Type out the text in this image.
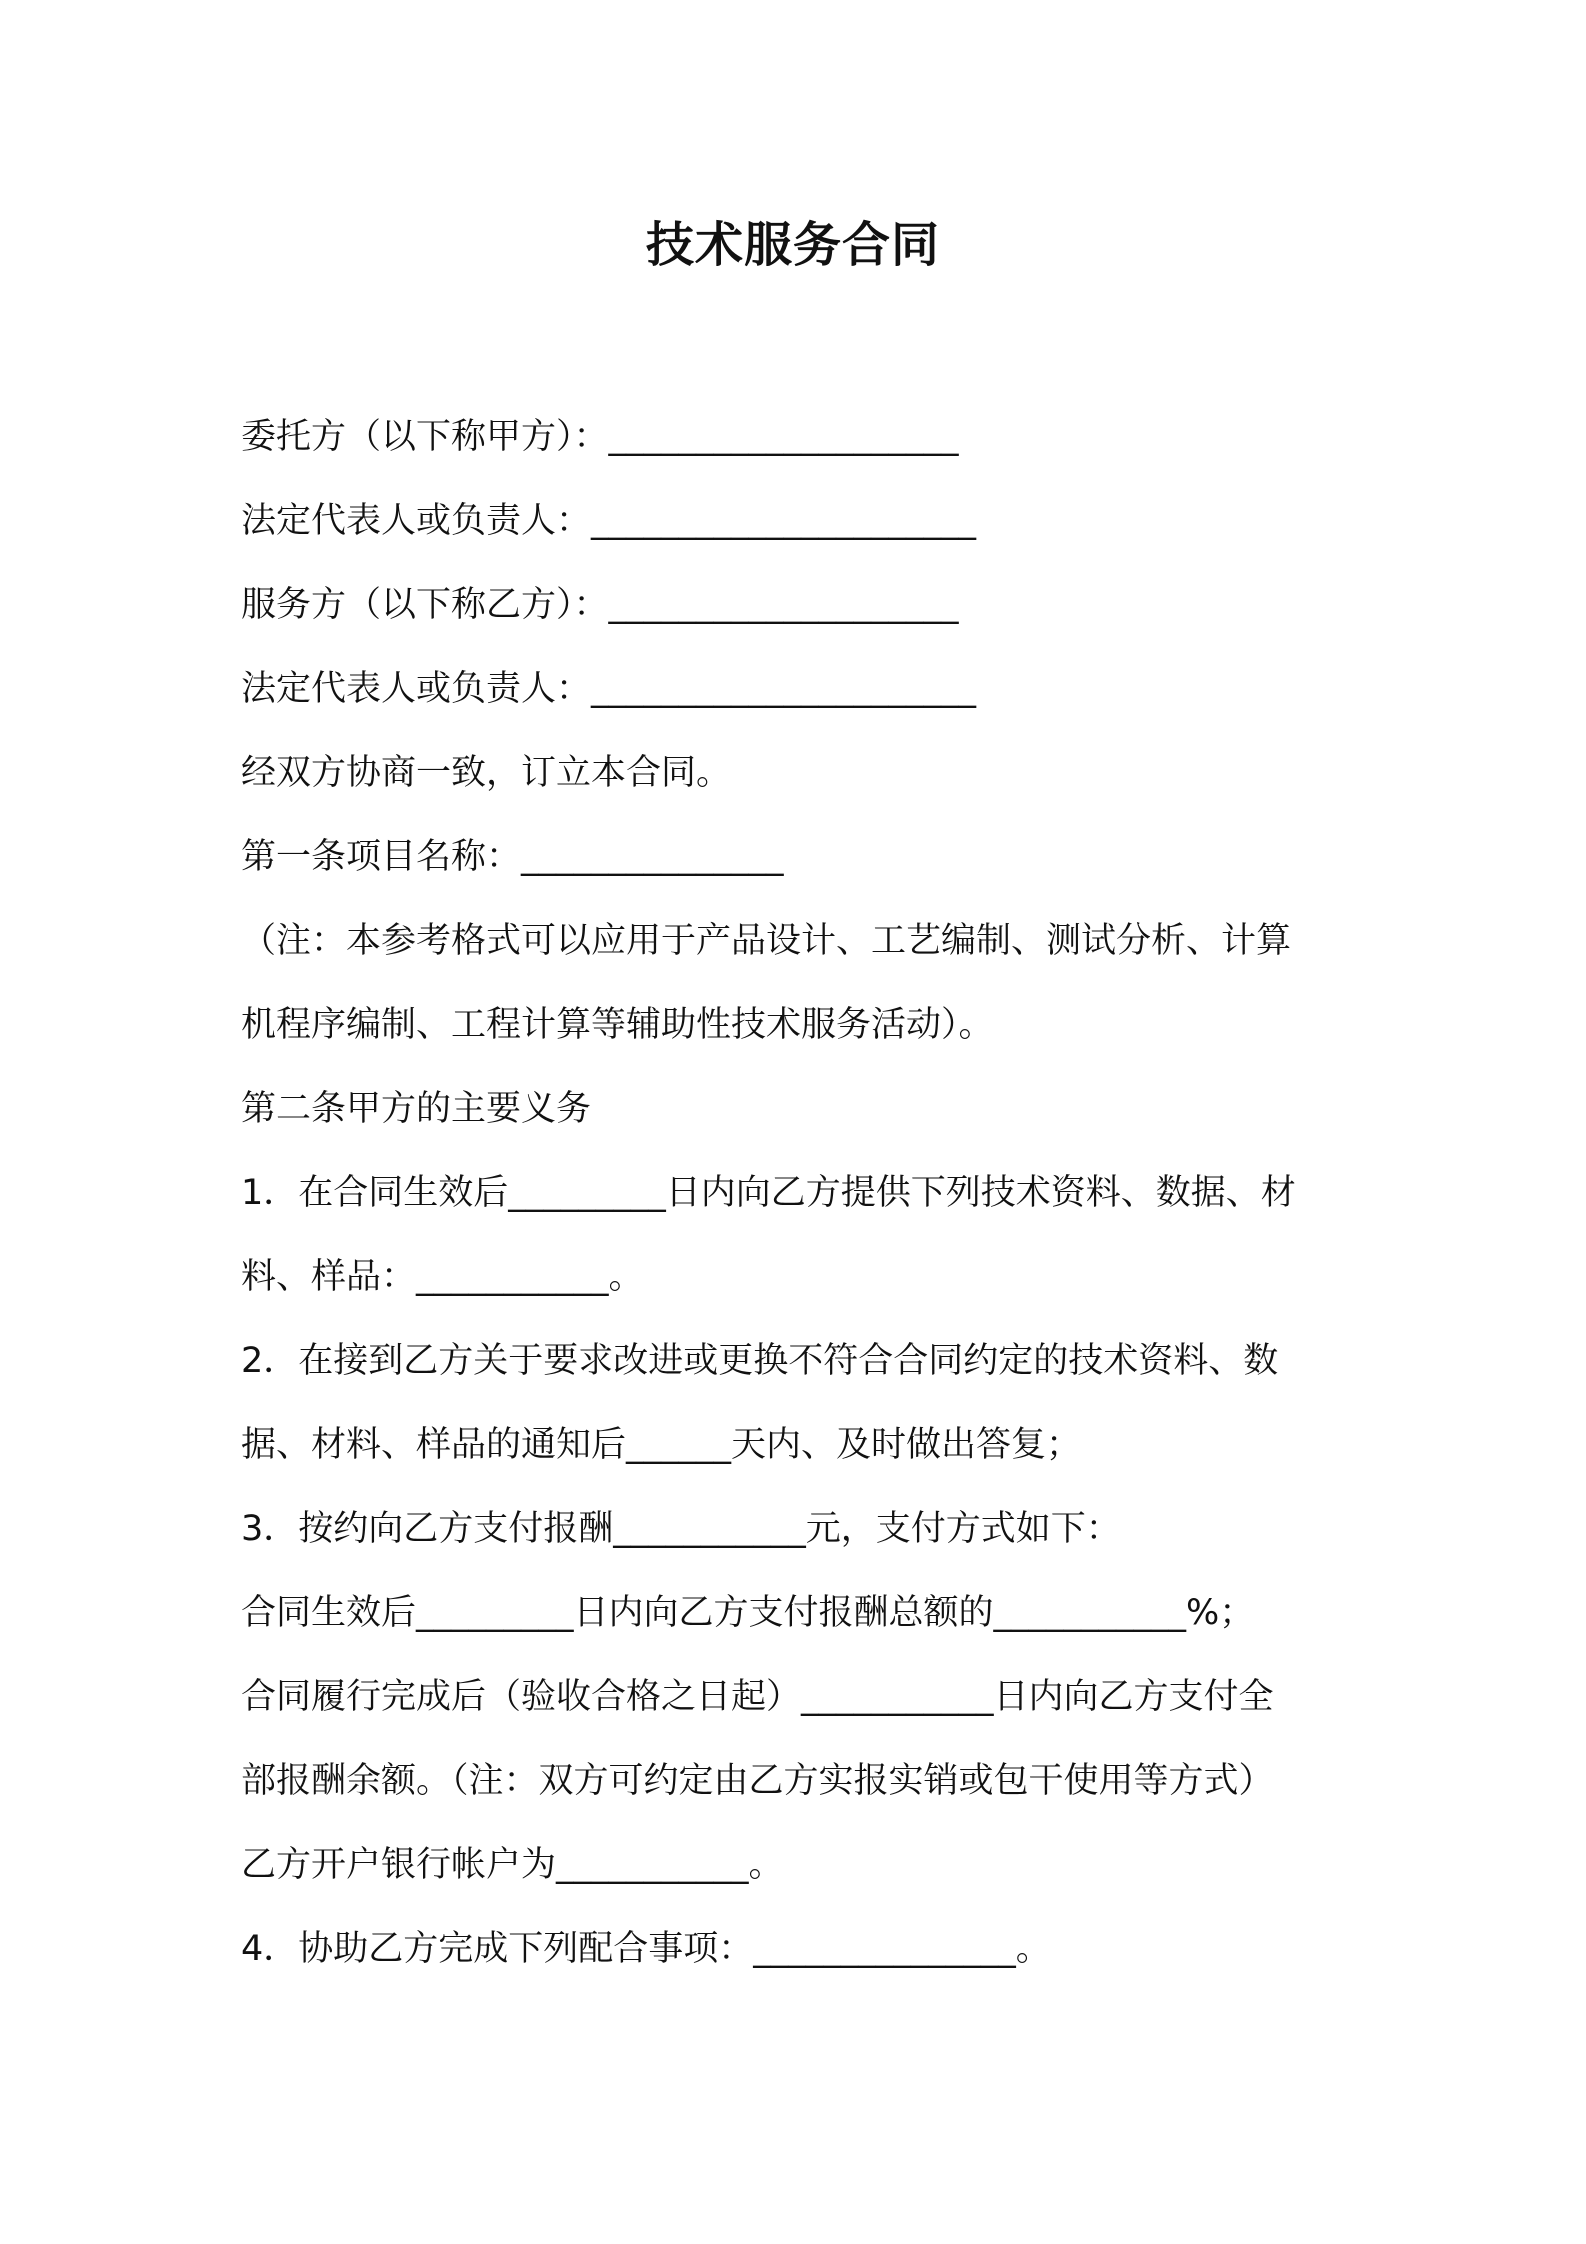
技术服务合同
委托方（以下称甲方）：____________________
法定代表人或负责人：______________________
服务方（以下称乙方）：____________________
法定代表人或负责人：______________________
经双方协商一致，订立本合同。
第一条项目名称：_______________
（注：本参考格式可以应用于产品设计、工艺编制、测试分析、计算
机程序编制、工程计算等辅助性技术服务活动）。
第二条甲方的主要义务
1．在合同生效后_________日内向乙方提供下列技术资料、数据、材
料、样品：___________。
2．在接到乙方关于要求改进或更换不符合合同约定的技术资料、数
据、材料、样品的通知后______天内、及时做出答复；
3．按约向乙方支付报酬___________元，支付方式如下：
合同生效后_________日内向乙方支付报酬总额的___________%；
合同履行完成后（验收合格之日起）___________日内向乙方支付全
部报酬余额。（注：双方可约定由乙方实报实销或包干使用等方式）
乙方开户银行帐户为___________。
4．协助乙方完成下列配合事项：_______________。
